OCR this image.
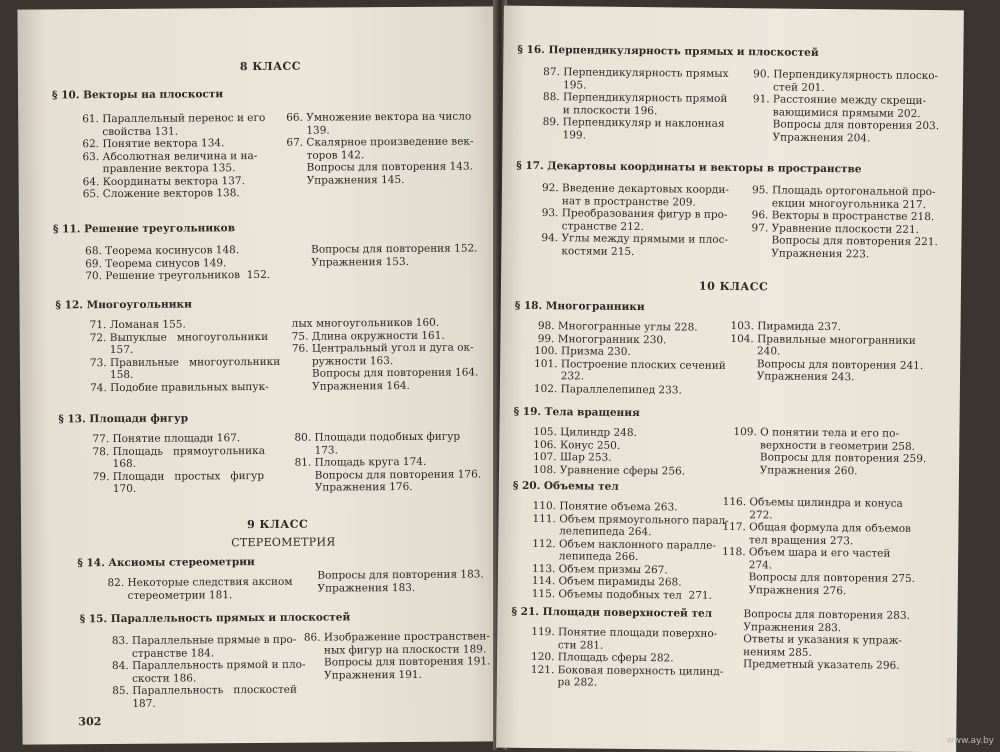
8 КЛАСС
§ 10. Векторы на плоскости
61. Параллельный перенос и его
свойства 131.
62. Понятие вектора 134.
63. Абсолютная величина и на-
правление вектора 135.
64. Координаты вектора 137.
65. Сложение векторов 138.
66. Умножение вектора на число
139.
67. Скалярное произведение век-
торов 142.
Вопросы для повторения 143.
Упражнения 145.
§ 11. Решение треугольников
68. Теорема косинусов 148.
69. Теорема синусов 149.
70. Решение треугольников  152.
Вопросы для повторения 152.
Упражнения 153.
§ 12. Многоугольники
71. Ломаная 155.
72. Выпуклые   многоугольники
157.
73. Правильные   многоугольники
158.
74. Подобие правильных выпук-
лых многоугольников 160.
75. Длина окружности 161.
76. Центральный угол и дуга ок-
ружности 163.
Вопросы для повторения 164.
Упражнения 164.
§ 13. Площади фигур
77. Понятие площади 167.
78. Площадь   прямоугольника
168.
79. Площади   простых   фигур
170.
80. Площади подобных фигур
173.
81. Площадь круга 174.
Вопросы для повторения 176.
Упражнения 176.
9 КЛАСС
СТЕРЕОМЕТРИЯ
§ 14. Аксиомы стереометрии
82. Некоторые следствия аксиом
стереометрии 181.
Вопросы для повторения 183.
Упражнения 183.
§ 15. Параллельность прямых и плоскостей
83. Параллельные прямые в про-
странстве 184.
84. Параллельность прямой и пло-
скости 186.
85. Параллельность   плоскостей
187.
86. Изображение пространствен-
ных фигур на плоскости 189.
Вопросы для повторения 191.
Упражнения 191.
302
§ 16. Перпендикулярность прямых и плоскостей
87. Перпендикулярность прямых
195.
88. Перпендикулярность прямой
и плоскости 196.
89. Перпендикуляр и наклонная
199.
90. Перпендикулярность плоско-
стей 201.
91. Расстояние между скрещи-
вающимися прямыми 202.
Вопросы для повторения 203.
Упражнения 204.
§ 17. Декартовы координаты и векторы в пространстве
92. Введение декартовых коорди-
нат в пространстве 209.
93. Преобразования фигур в про-
странстве 212.
94. Углы между прямыми и плос-
костями 215.
95. Площадь ортогональной про-
екции многоугольника 217.
96. Векторы в пространстве 218.
97. Уравнение плоскости 221.
Вопросы для повторения 221.
Упражнения 223.
10 КЛАСС
§ 18. Многогранники
98. Многогранные углы 228.
99. Многогранник 230.
100. Призма 230.
101. Построение плоских сечений
232.
102. Параллелепипед 233.
103. Пирамида 237.
104. Правильные многогранники
240.
Вопросы для повторения 241.
Упражнения 243.
§ 19. Тела вращения
105. Цилиндр 248.
106. Конус 250.
107. Шар 253.
108. Уравнение сферы 256.
109. О понятии тела и его по-
верхности в геометрии 258.
Вопросы для повторения 259.
Упражнения 260.
§ 20. Объемы тел
110. Понятие объема 263.
111. Объем прямоугольного парал-
лелепипеда 264.
112. Объем наклонного паралле-
лепипеда 266.
113. Объем призмы 267.
114. Объем пирамиды 268.
115. Объемы подобных тел  271.
116. Объемы цилиндра и конуса
272.
117. Общая формула для объемов
тел вращения 273.
118. Объем шара и его частей
274.
Вопросы для повторения 275.
Упражнения 276.
§ 21. Площади поверхностей тел
119. Понятие площади поверхно-
сти 281.
120. Площадь сферы 282.
121. Боковая поверхность цилинд-
ра 282.
Вопросы для повторения 283.
Упражнения 283.
Ответы и указания к упраж-
нениям 285.
Предметный указатель 296.
www.ay.by
